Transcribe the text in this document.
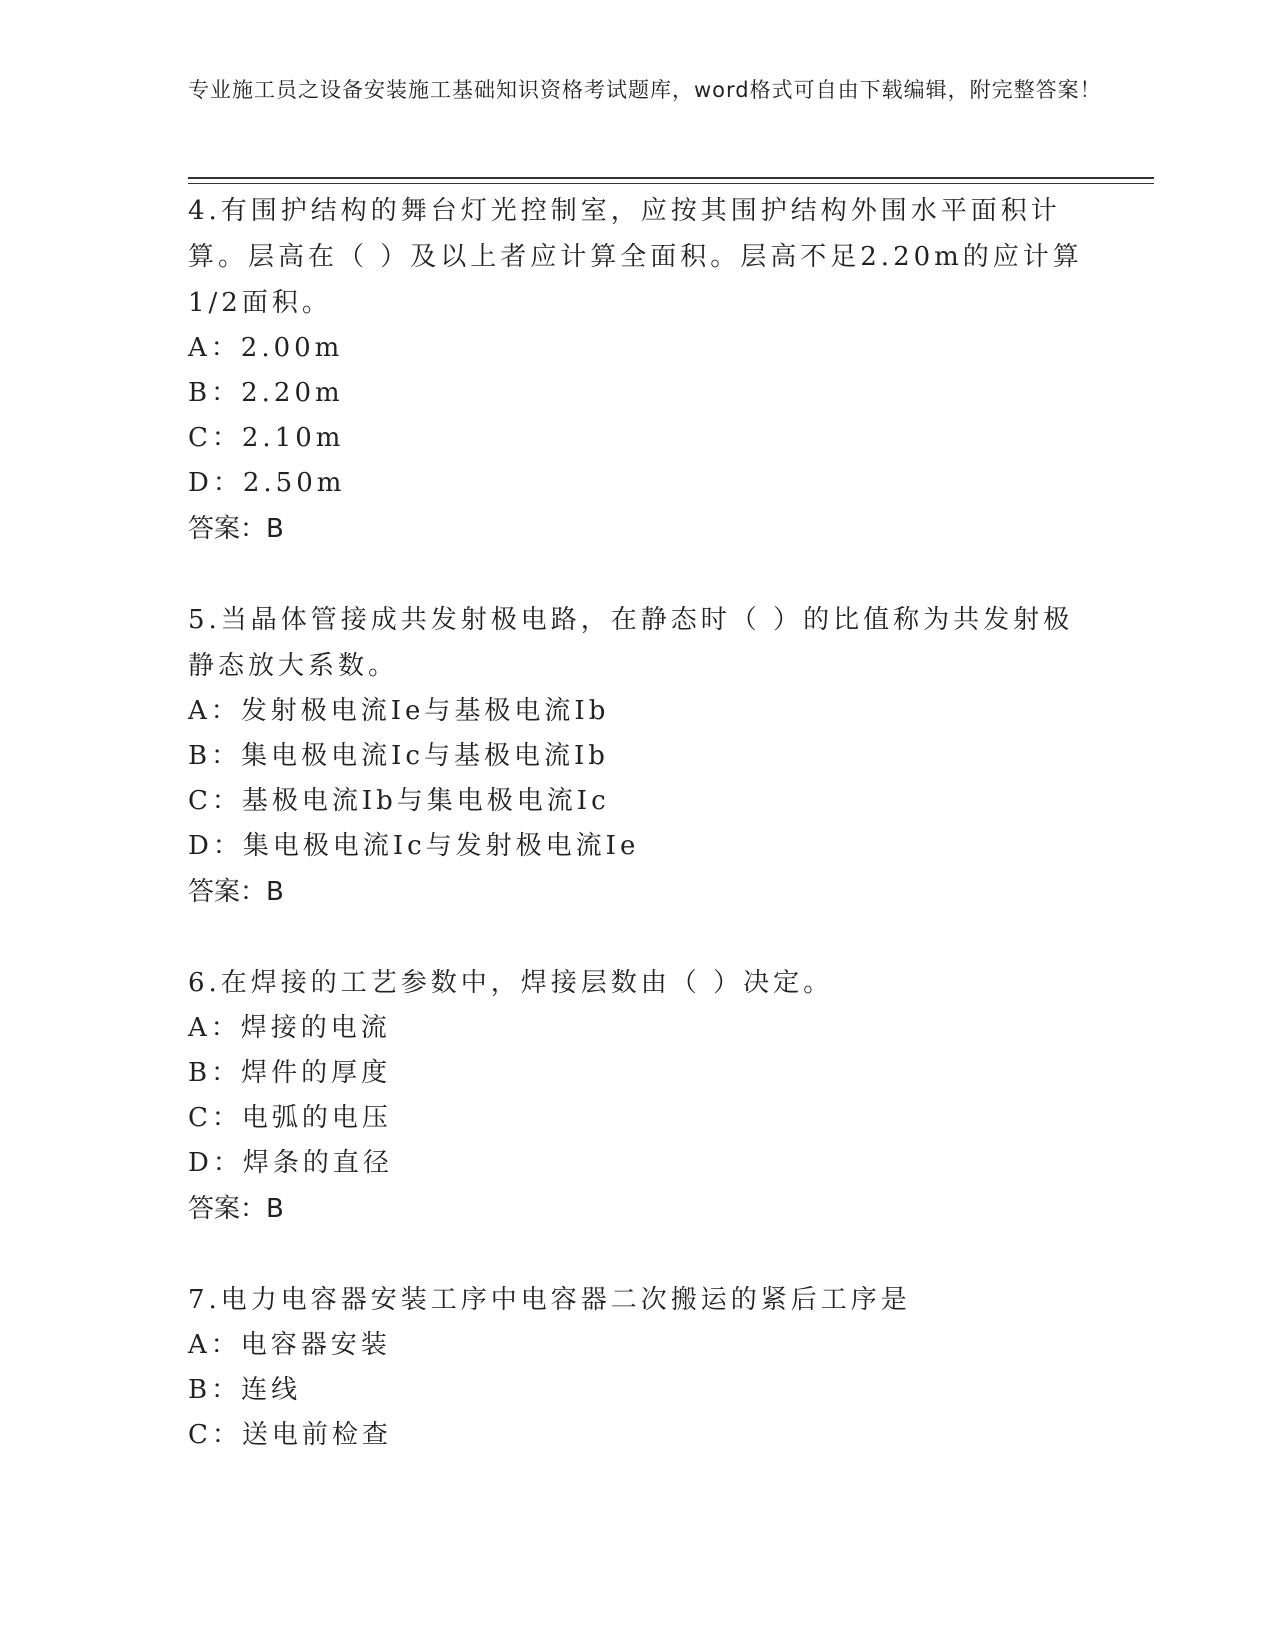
专业施工员之设备安装施工基础知识资格考试题库，word格式可自由下载编辑，附完整答案！

4.有围护结构的舞台灯光控制室，应按其围护结构外围水平面积计算。层高在（ ）及以上者应计算全面积。层高不足2.20m的应计算1/2面积。

A：2.00m

B：2.20m

C：2.10m

D：2.50m

答案：B

5.当晶体管接成共发射极电路，在静态时（ ）的比值称为共发射极静态放大系数。

A：发射极电流Ie与基极电流Ib

B：集电极电流Ic与基极电流Ib

C：基极电流Ib与集电极电流Ic

D：集电极电流Ic与发射极电流Ie

答案：B

6.在焊接的工艺参数中，焊接层数由（ ）决定。

A：焊接的电流

B：焊件的厚度

C：电弧的电压

D：焊条的直径

答案：B

7.电力电容器安装工序中电容器二次搬运的紧后工序是

A：电容器安装

B：连线

C：送电前检查
